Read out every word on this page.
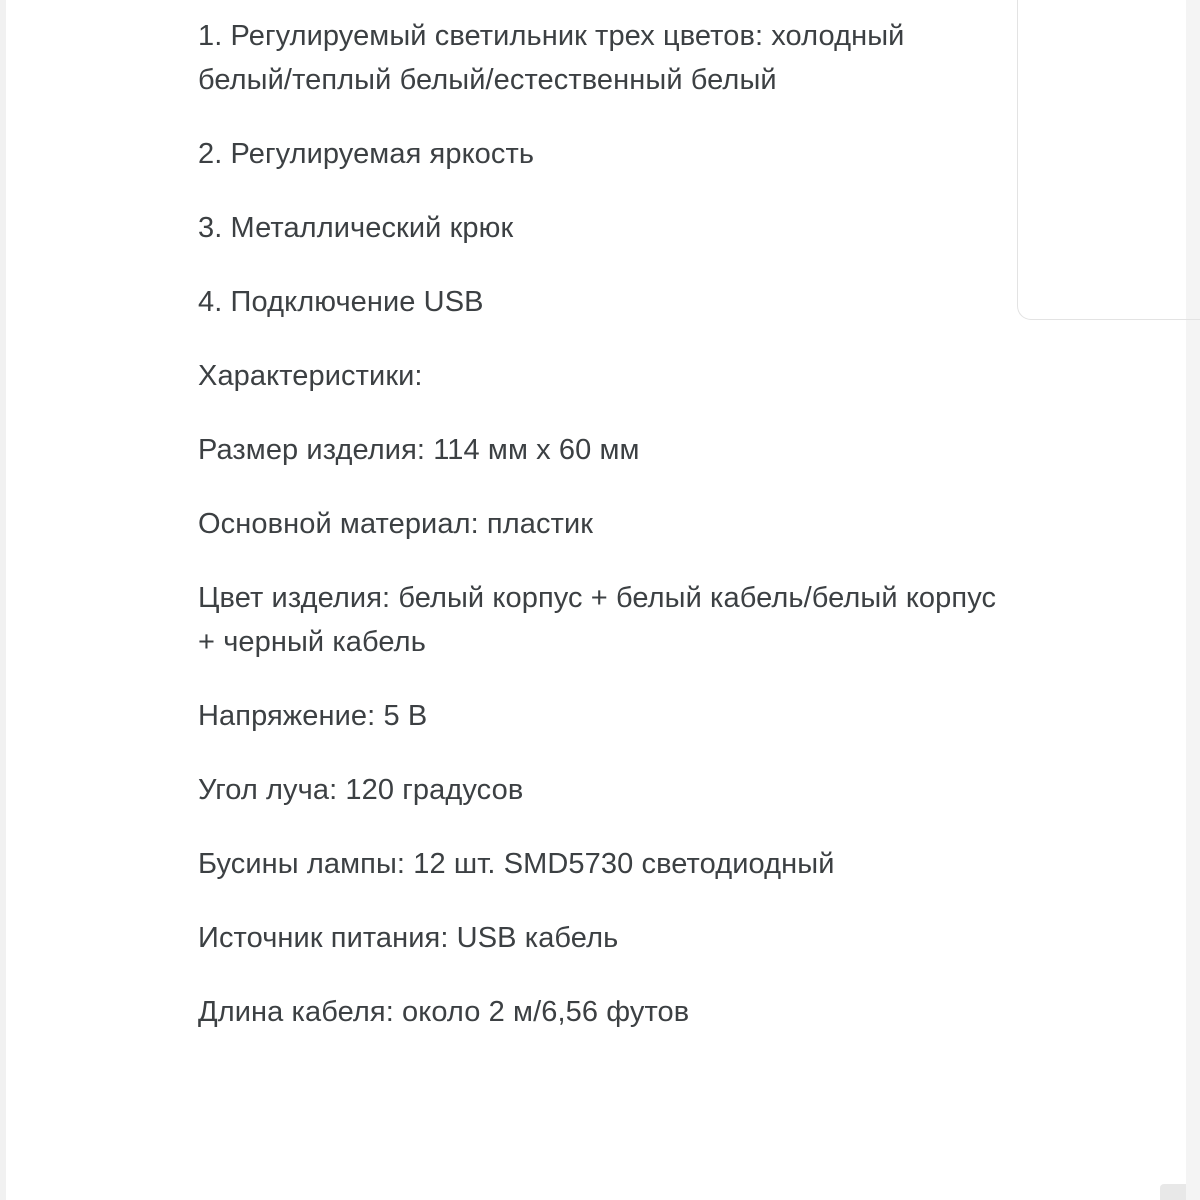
1. Регулируемый светильник трех цветов: холодный белый/теплый белый/естественный белый

2. Регулируемая яркость

3. Металлический крюк

4. Подключение USB

Характеристики:

Размер изделия: 114 мм x 60 мм

Основной материал: пластик

Цвет изделия: белый корпус + белый кабель/белый корпус + черный кабель

Напряжение: 5 В

Угол луча: 120 градусов

Бусины лампы: 12 шт. SMD5730 светодиодный

Источник питания: USB кабель

Длина кабеля: около 2 м/6,56 футов
